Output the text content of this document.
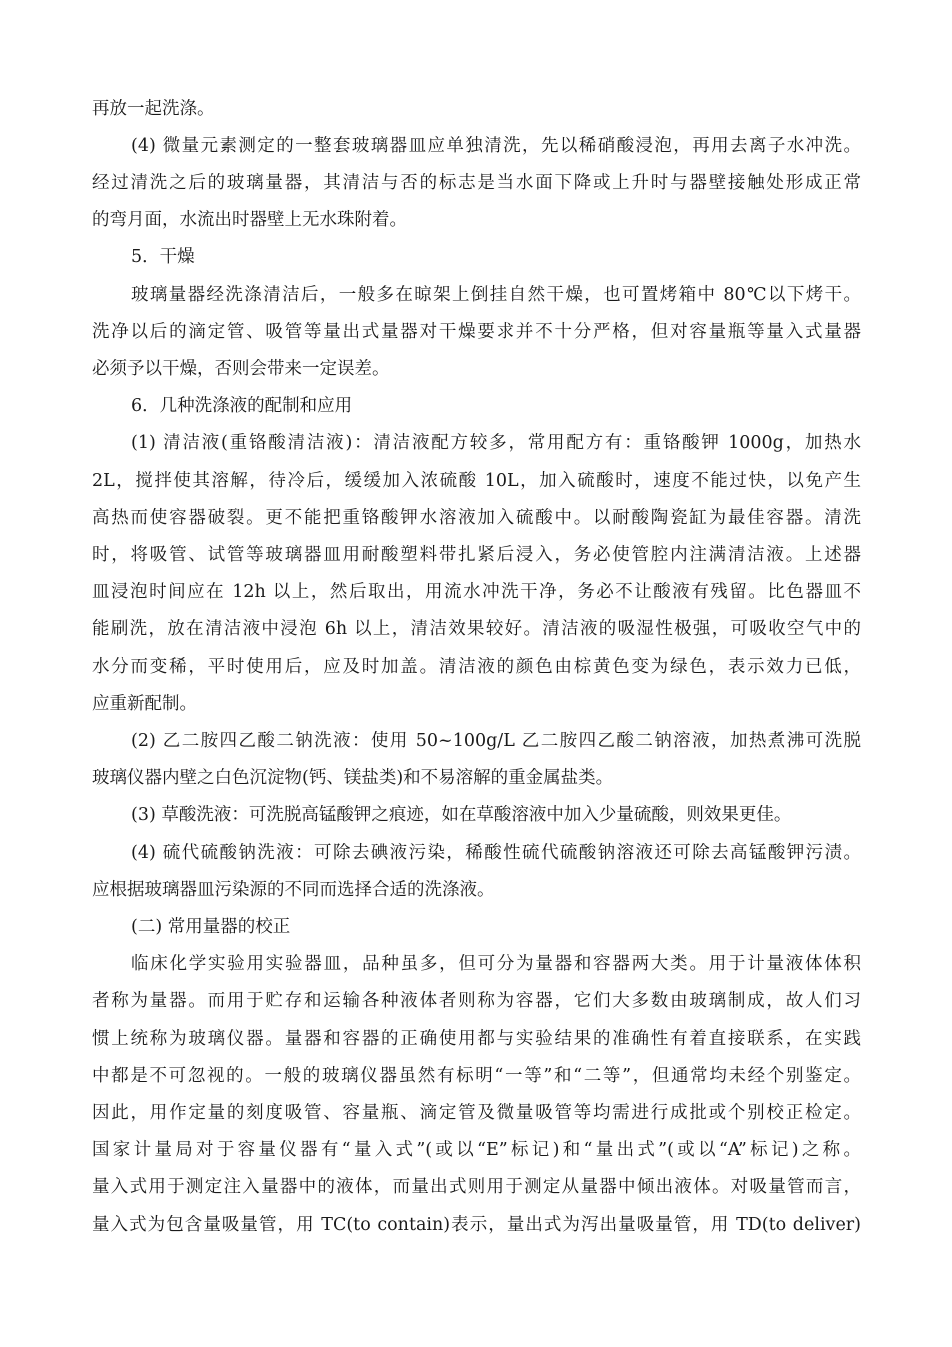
再放一起洗涤。

(4) 微量元素测定的一整套玻璃器皿应单独清洗，先以稀硝酸浸泡，再用去离子水冲洗。

经过清洗之后的玻璃量器，其清洁与否的标志是当水面下降或上升时与器壁接触处形成正常

的弯月面，水流出时器壁上无水珠附着。

5．干燥

玻璃量器经洗涤清洁后，一般多在晾架上倒挂自然干燥，也可置烤箱中 80℃以下烤干。

洗净以后的滴定管、吸管等量出式量器对干燥要求并不十分严格，但对容量瓶等量入式量器

必须予以干燥，否则会带来一定误差。

6．几种洗涤液的配制和应用

(1) 清洁液(重铬酸清洁液)：清洁液配方较多，常用配方有：重铬酸钾 1000g，加热水

2L，搅拌使其溶解，待冷后，缓缓加入浓硫酸 10L，加入硫酸时，速度不能过快，以免产生

高热而使容器破裂。更不能把重铬酸钾水溶液加入硫酸中。以耐酸陶瓷缸为最佳容器。清洗

时，将吸管、试管等玻璃器皿用耐酸塑料带扎紧后浸入，务必使管腔内注满清洁液。上述器

皿浸泡时间应在 12h 以上，然后取出，用流水冲洗干净，务必不让酸液有残留。比色器皿不

能刷洗，放在清洁液中浸泡 6h 以上，清洁效果较好。清洁液的吸湿性极强，可吸收空气中的

水分而变稀，平时使用后，应及时加盖。清洁液的颜色由棕黄色变为绿色，表示效力已低，

应重新配制。

(2) 乙二胺四乙酸二钠洗液：使用 50~100g/L 乙二胺四乙酸二钠溶液，加热煮沸可洗脱

玻璃仪器内壁之白色沉淀物(钙、镁盐类)和不易溶解的重金属盐类。

(3) 草酸洗液：可洗脱高锰酸钾之痕迹，如在草酸溶液中加入少量硫酸，则效果更佳。

(4) 硫代硫酸钠洗液：可除去碘液污染，稀酸性硫代硫酸钠溶液还可除去高锰酸钾污渍。

应根据玻璃器皿污染源的不同而选择合适的洗涤液。

(二) 常用量器的校正

临床化学实验用实验器皿，品种虽多，但可分为量器和容器两大类。用于计量液体体积

者称为量器。而用于贮存和运输各种液体者则称为容器，它们大多数由玻璃制成，故人们习

惯上统称为玻璃仪器。量器和容器的正确使用都与实验结果的准确性有着直接联系，在实践

中都是不可忽视的。一般的玻璃仪器虽然有标明“一等”和“二等”，但通常均未经个别鉴定。

因此，用作定量的刻度吸管、容量瓶、滴定管及微量吸管等均需进行成批或个别校正检定。

国家计量局对于容量仪器有“量入式”(或以“E”标记)和“量出式”(或以“A”标记)之称。

量入式用于测定注入量器中的液体，而量出式则用于测定从量器中倾出液体。对吸量管而言，

量入式为包含量吸量管，用 TC(to contain)表示，量出式为泻出量吸量管，用 TD(to deliver)
